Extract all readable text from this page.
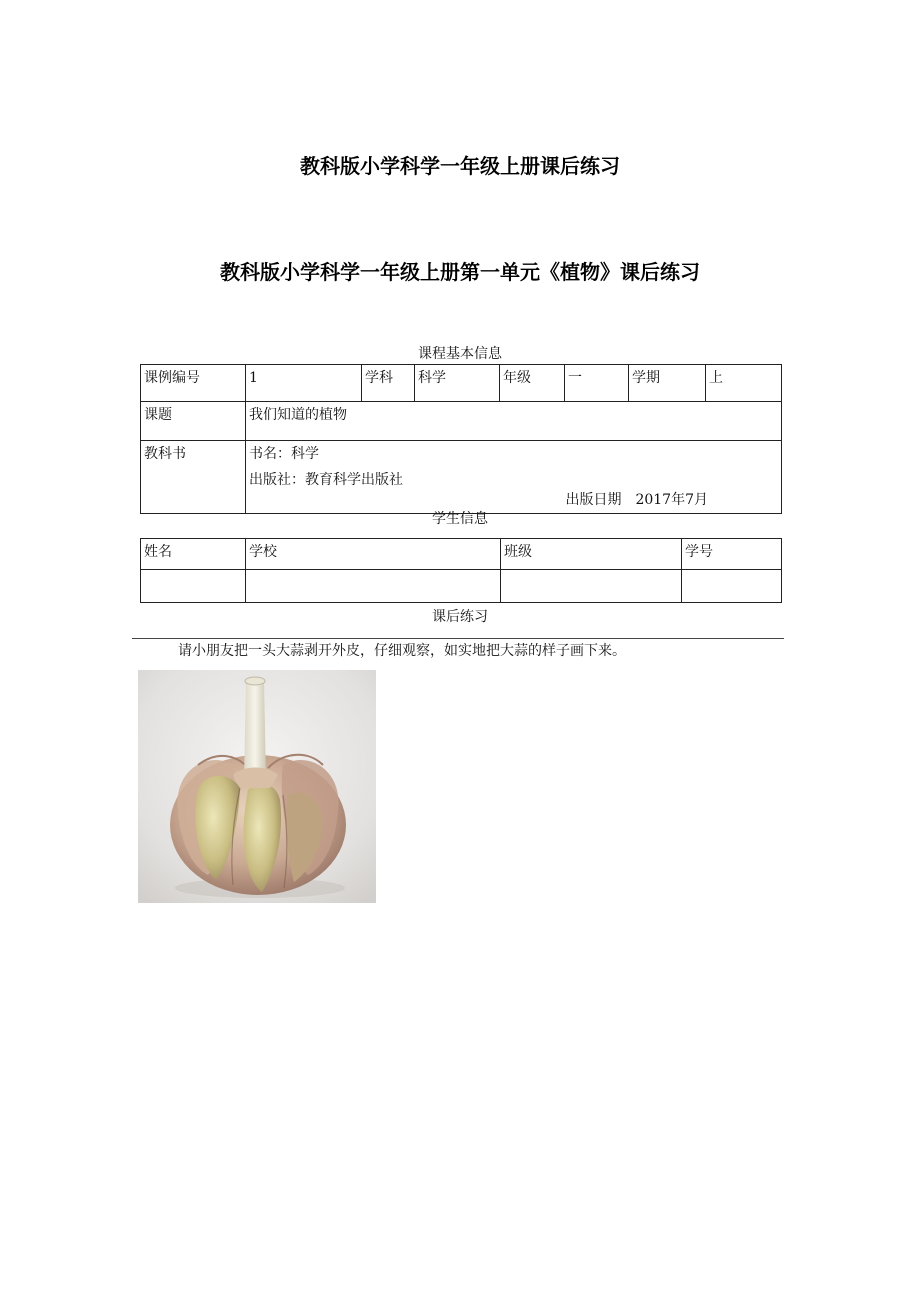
教科版小学科学一年级上册课后练习
教科版小学科学一年级上册第一单元《植物》课后练习
课程基本信息
课例编号	1	学科	科学	年级	一	学期	上
课题	我们知道的植物						
教科书	书名：科学
出版社：教育科学出版社
出版日期　2017年7月						
学生信息
姓名	学校	班级	学号

课后练习
请小朋友把一头大蒜剥开外皮，仔细观察，如实地把大蒜的样子画下来。
